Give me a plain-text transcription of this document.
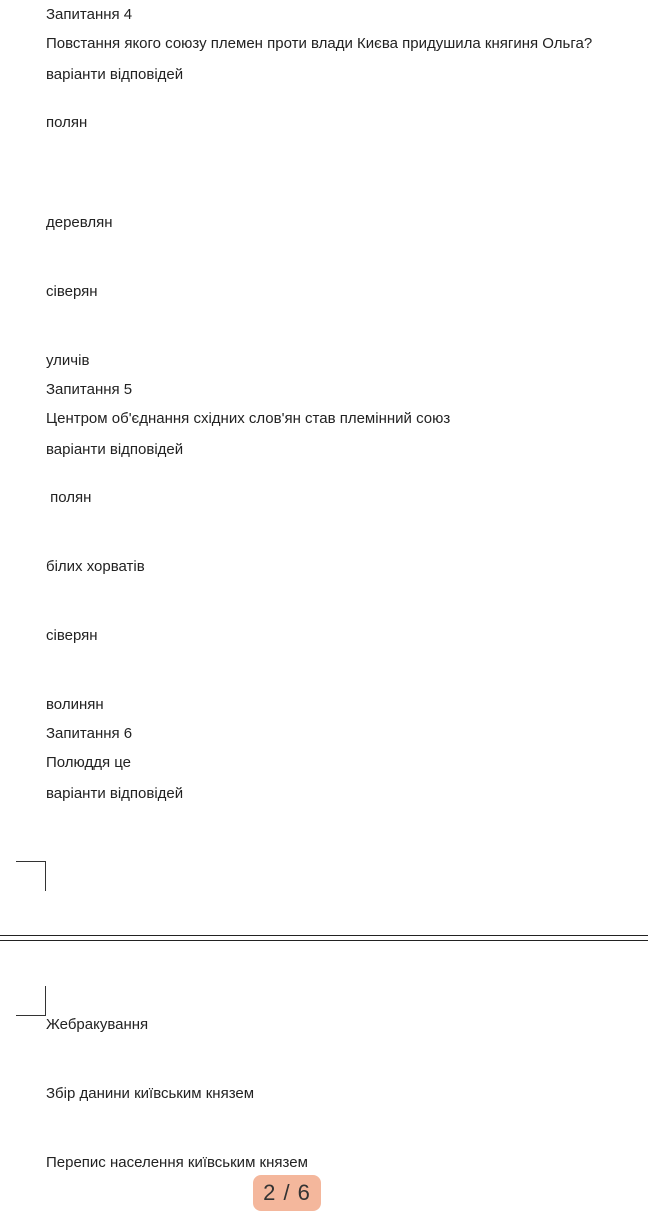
Запитання 4
Повстання якого союзу племен проти влади Києва придушила княгиня Ольга?
варіанти відповідей
полян
деревлян
сіверян
уличів
Запитання 5
Центром об'єднання східних слов'ян став племінний союз
варіанти відповідей
полян
білих хорватів
сіверян
волинян
Запитання 6
Полюддя це
варіанти відповідей
Жебракування
Збір данини київським князем
Перепис населення київським князем
2 / 6
